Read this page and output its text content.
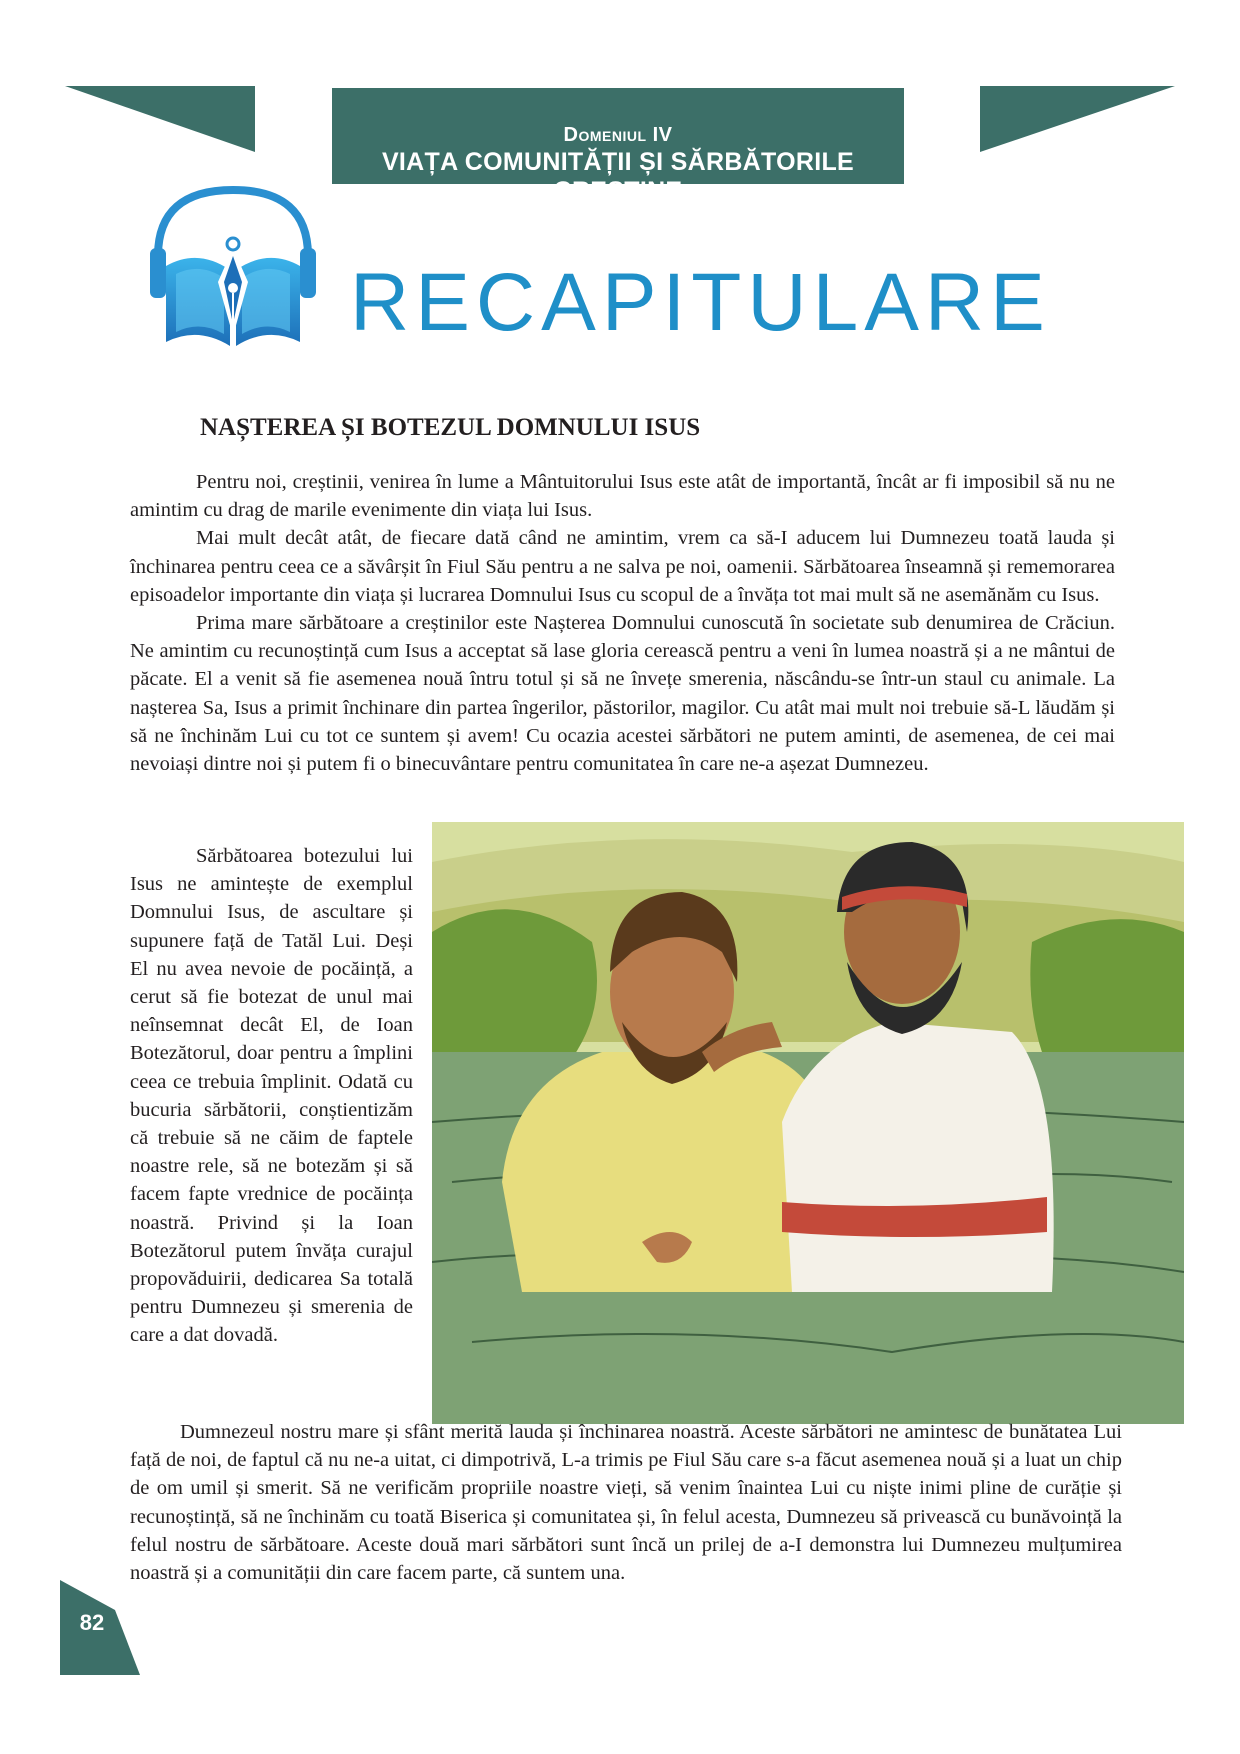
Domeniul IV
VIAȚA COMUNITĂȚII ȘI SĂRBĂTORILE CREȘTINE
RECAPITULARE
NAȘTEREA ȘI BOTEZUL DOMNULUI ISUS

Pentru noi, creștinii, venirea în lume a Mântuitorului Isus este atât de importantă, încât ar fi imposibil să nu ne amintim cu drag de marile evenimente din viața lui Isus.

Mai mult decât atât, de fiecare dată când ne amintim, vrem ca să-I aducem lui Dumnezeu toată lauda și închinarea pentru ceea ce a săvârșit în Fiul Său pentru a ne salva pe noi, oamenii. Sărbătoarea înseamnă și rememorarea episoadelor importante din viața și lucrarea Domnului Isus cu scopul de a învăța tot mai mult să ne asemănăm cu Isus.

Prima mare sărbătoare a creștinilor este Nașterea Domnului cunoscută în societate sub denumirea de Crăciun. Ne amintim cu recunoștință cum Isus a acceptat să lase gloria cerească pentru a veni în lumea noastră și a ne mântui de păcate. El a venit să fie asemenea nouă întru totul și să ne învețe smerenia, născându-se într-un staul cu animale. La nașterea Sa, Isus a primit închinare din partea îngerilor, păstorilor, magilor. Cu atât mai mult noi trebuie să-L lăudăm și să ne închinăm Lui cu tot ce suntem și avem! Cu ocazia acestei sărbători ne putem aminti, de asemenea, de cei mai nevoiași dintre noi și putem fi o binecuvântare pentru comunitatea în care ne-a așezat Dumnezeu.

Sărbătoarea botezului lui Isus ne amintește de exemplul Domnului Isus, de ascultare și supunere față de Tatăl Lui. Deși El nu avea nevoie de pocăință, a cerut să fie botezat de unul mai neînsemnat decât El, de Ioan Botezătorul, doar pentru a împlini ceea ce trebuia împlinit. Odată cu bucuria sărbătorii, conștientizăm că trebuie să ne căim de faptele noastre rele, să ne botezăm și să facem fapte vrednice de pocăința noastră. Privind și la Ioan Botezătorul putem învăța curajul propovăduirii, dedicarea Sa totală pentru Dumnezeu și smerenia de care a dat dovadă.

Dumnezeul nostru mare și sfânt merită lauda și închinarea noastră. Aceste sărbători ne amintesc de bunătatea Lui față de noi, de faptul că nu ne-a uitat, ci dimpotrivă, L-a trimis pe Fiul Său care s-a făcut asemenea nouă și a luat un chip de om umil și smerit. Să ne verificăm propriile noastre vieți, să venim înaintea Lui cu niște inimi pline de curăție și recunoștință, să ne închinăm cu toată Biserica și comunitatea și, în felul acesta, Dumnezeu să privească cu bunăvoință la felul nostru de sărbătoare. Aceste două mari sărbători sunt încă un prilej de a-I demonstra lui Dumnezeu mulțumirea noastră și a comunității din care facem parte, că suntem una.

82
